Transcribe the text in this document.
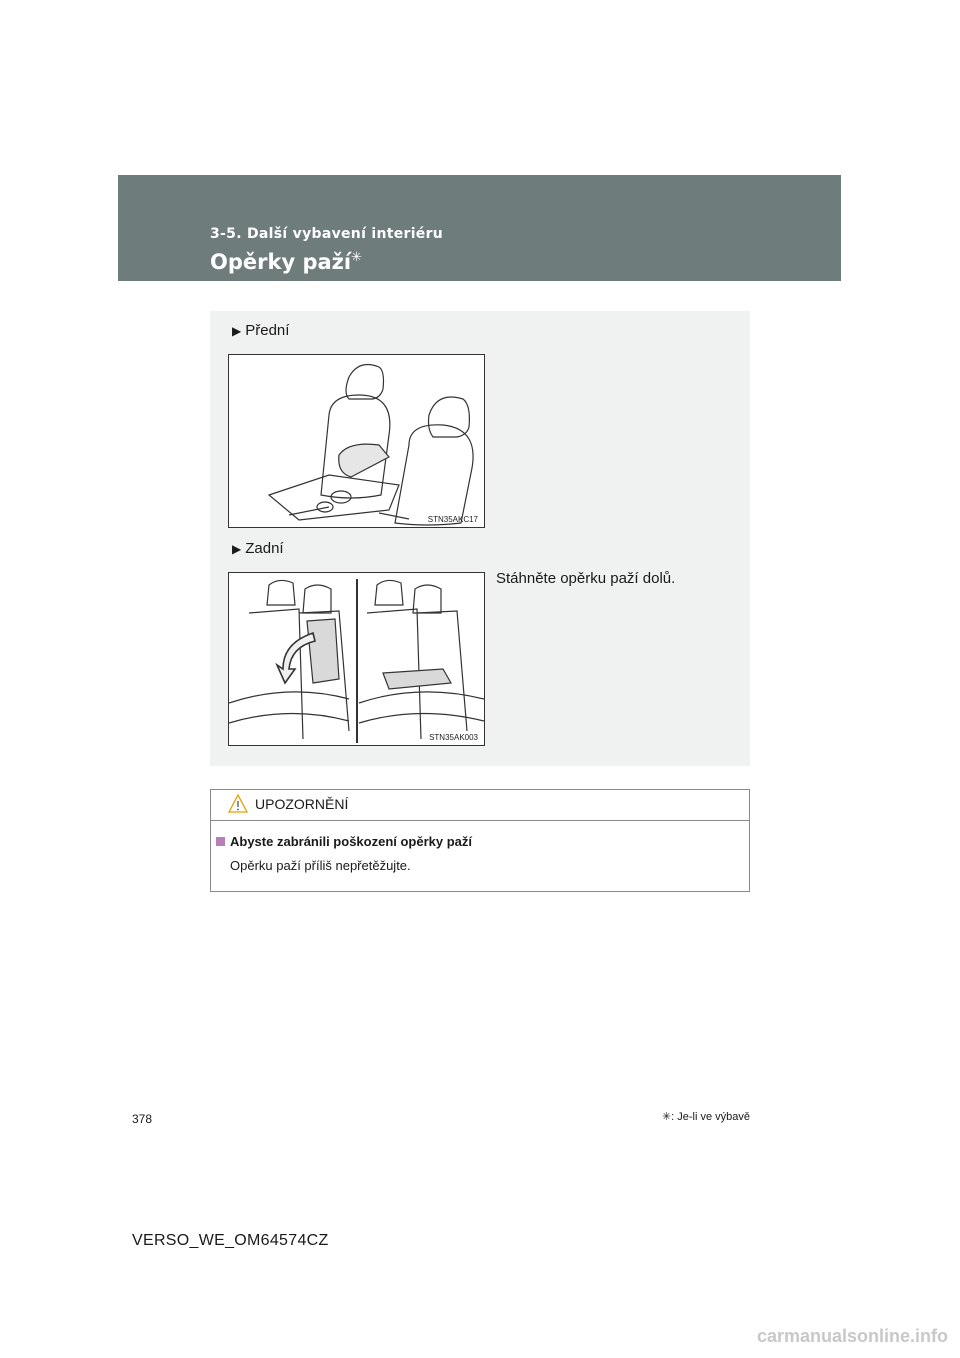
3-5. Další vybavení interiéru
Opěrky paží✳
▶ Přední
STN35AKC17
▶ Zadní
STN35AK003
Stáhněte opěrku paží dolů.
UPOZORNĚNÍ
Abyste zabránili poškození opěrky paží
Opěrku paží příliš nepřetěžujte.
✳: Je-li ve výbavě
378
VERSO_WE_OM64574CZ
carmanualsonline.info
